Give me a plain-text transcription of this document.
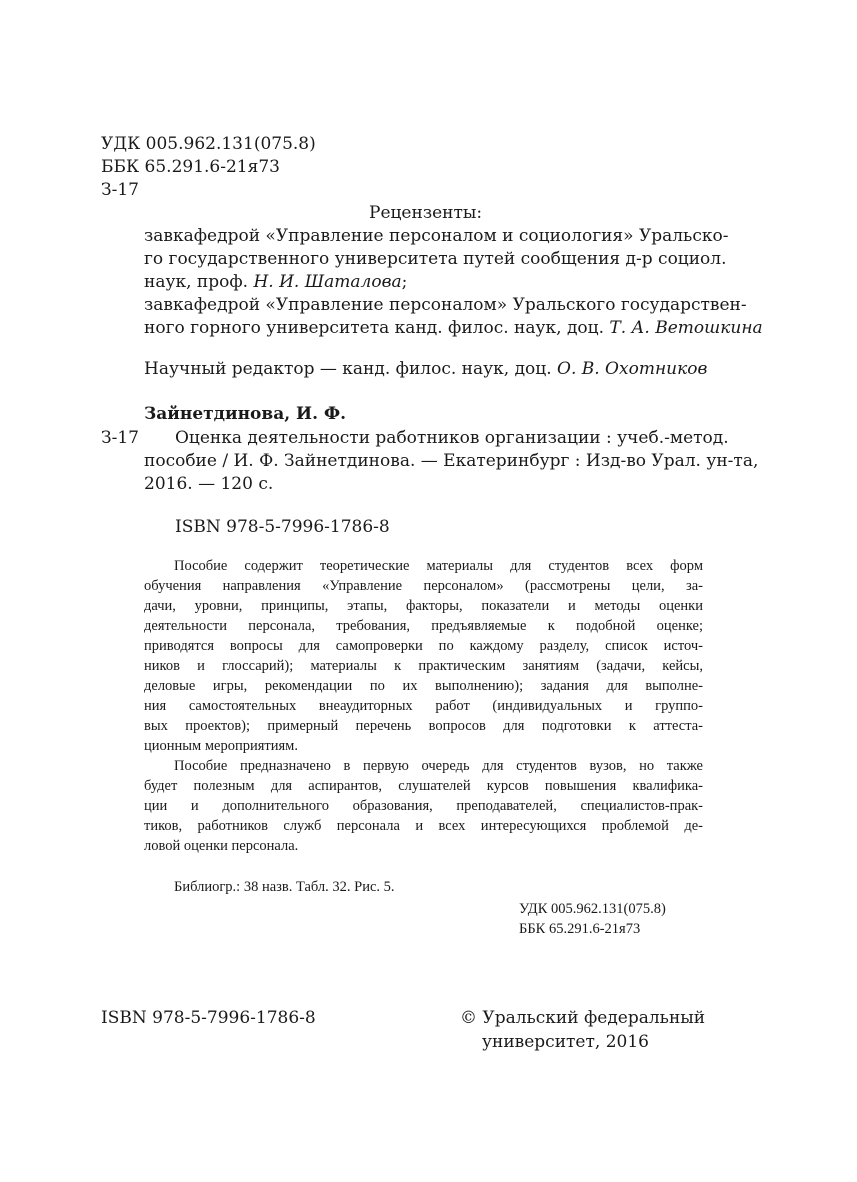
УДК 005.962.131(075.8)
ББК 65.291.6-21я73
З-17
Рецензенты:
завкафедрой «Управление персоналом и социология» Уральско-
го государственного университета путей сообщения д-р социол.
наук, проф. Н. И. Шаталова;
завкафедрой «Управление персоналом» Уральского государствен-
ного горного университета канд. филос. наук, доц. Т. А. Ветошкина
Научный редактор — канд. филос. наук, доц. О. В. Охотников
Зайнетдинова, И. Ф.
З-17 Оценка деятельности работников организации : учеб.-метод.
пособие / И. Ф. Зайнетдинова. — Екатеринбург : Изд-во Урал. ун-та,
2016. — 120 с.
ISBN 978-5-7996-1786-8
Пособие содержит теоретические материалы для студентов всех форм
обучения направления «Управление персоналом» (рассмотрены цели, за-
дачи, уровни, принципы, этапы, факторы, показатели и методы оценки
деятельности персонала, требования, предъявляемые к подобной оценке;
приводятся вопросы для самопроверки по каждому разделу, список источ-
ников и глоссарий); материалы к практическим занятиям (задачи, кейсы,
деловые игры, рекомендации по их выполнению); задания для выполне-
ния самостоятельных внеаудиторных работ (индивидуальных и группо-
вых проектов); примерный перечень вопросов для подготовки к аттеста-
ционным мероприятиям.
Пособие предназначено в первую очередь для студентов вузов, но также
будет полезным для аспирантов, слушателей курсов повышения квалифика-
ции и дополнительного образования, преподавателей, специалистов-прак-
тиков, работников служб персонала и всех интересующихся проблемой де-
ловой оценки персонала.
Библиогр.: 38 назв. Табл. 32. Рис. 5.
УДК 005.962.131(075.8)
ББК 65.291.6-21я73
ISBN 978-5-7996-1786-8	© Уральский федеральный
университет, 2016
